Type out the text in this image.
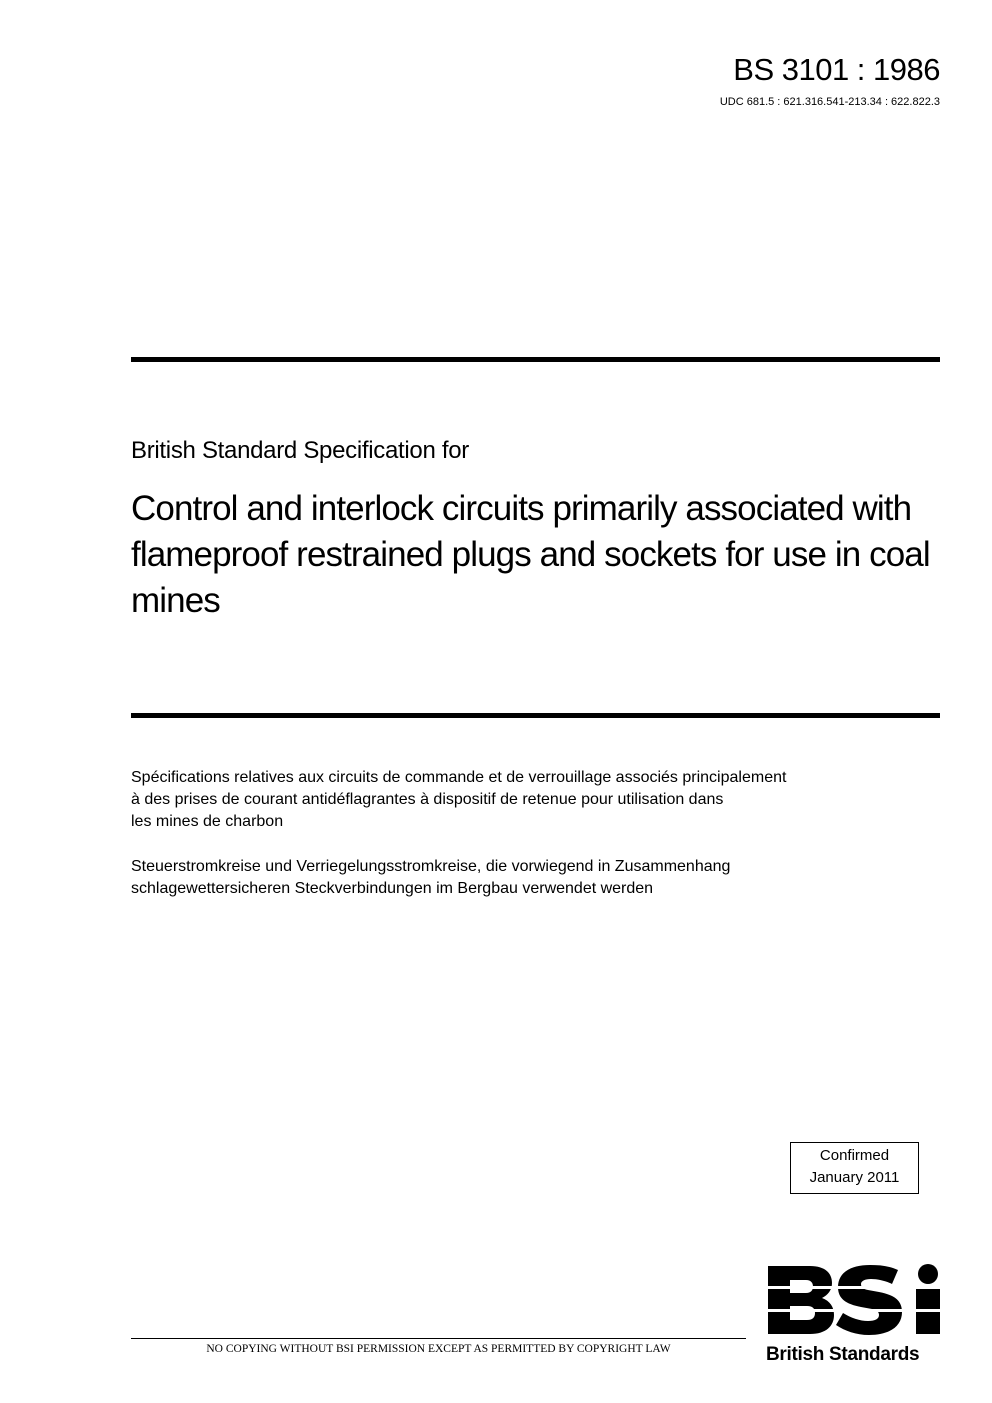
BS 3101 : 1986
UDC 681.5 : 621.316.541-213.34 : 622.822.3
British Standard Specification for
Control and interlock circuits primarily associated with flameproof restrained plugs and sockets for use in coal mines
Spécifications relatives aux circuits de commande et de verrouillage associés principalement
à des prises de courant antidéflagrantes à dispositif de retenue pour utilisation dans
les mines de charbon
Steuerstromkreise und Verriegelungsstromkreise, die vorwiegend in Zusammenhang
schlagewettersicheren Steckverbindungen im Bergbau verwendet werden
Confirmed
January 2011
NO COPYING WITHOUT BSI PERMISSION EXCEPT AS PERMITTED BY COPYRIGHT LAW	British Standards
